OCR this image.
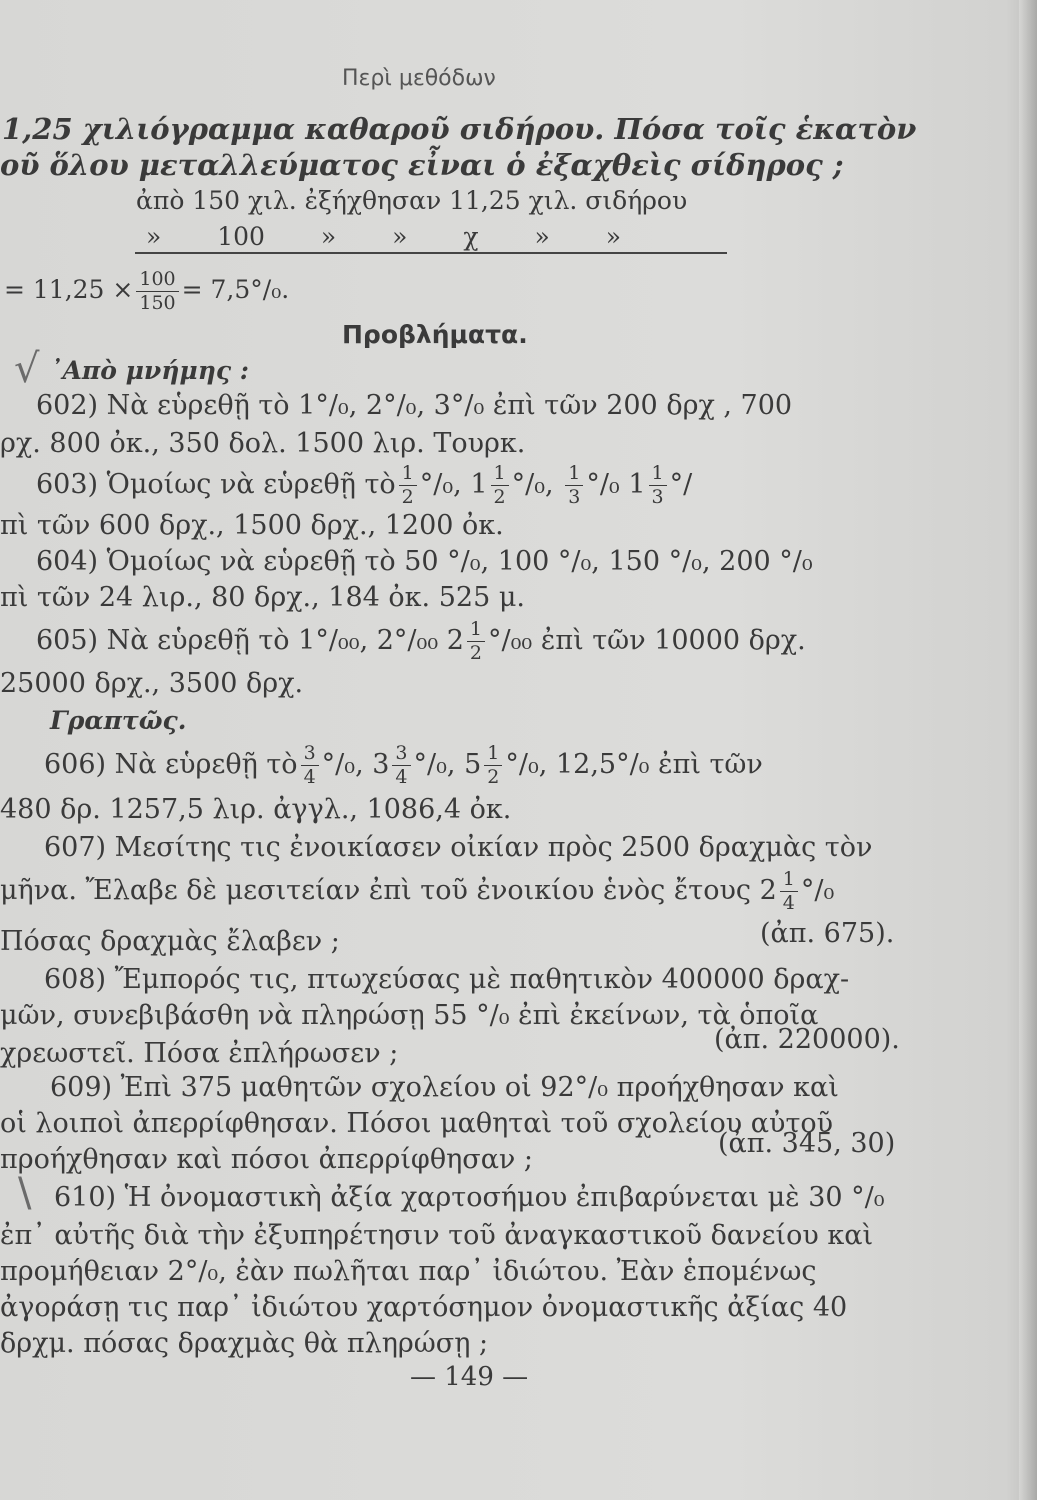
Περὶ μεθόδων
1,25 χιλιόγραμμα καθαροῦ σιδήρου. Πόσα τοῖς ἑκατὸν
οῦ ὅλου μεταλλεύματος εἶναι ὁ ἐξαχθεὶς σίδηρος ;
ἀπὸ 150 χιλ. ἐξήχθησαν 11,25 χιλ. σιδήρου
» 100 » » χ » »
= $11,25 \times \frac{100}{150} = 7,5^\circ/_0$.
Προβλήματα.
√ ᾿Απὸ μνήμης :
602) Νὰ εὑρεθῇ τὸ 1°/₀, 2°/₀, 3°/₀ ἐπὶ τῶν 200 δρχ , 700
ρχ. 800 ὀκ., 350 δολ. 1500 λιρ. Τουρκ.
603) Ὁμοίως νὰ εὑρεθῇ τὸ $\frac{1}{2} ^\circ/_0$, $1 \frac{1}{2} ^\circ/_0$, $\frac{1}{3} ^\circ/_0$ $1 \frac{1}{3}$ °/
πὶ τῶν 600 δρχ., 1500 δρχ., 1200 ὀκ.
604) Ὁμοίως νὰ εὑρεθῇ τὸ 50 °/₀, 100 °/₀, 150 °/₀, 200 °/₀
πὶ τῶν 24 λιρ., 80 δρχ., 184 ὀκ. 525 μ.
605) Νὰ εὑρεθῇ τὸ 1°/₀₀, 2°/₀₀ $2 \frac{1}{2} ^\circ/_{00}$ ἐπὶ τῶν 10000 δρχ.
25000 δρχ., 3500 δρχ.
Γραπτῶς.
606) Νὰ εὑρεθῇ τὸ $\frac{3}{4} ^\circ/_0$, $3 \frac{3}{4} ^\circ/_0$, $5 \frac{1}{2} ^\circ/_0$, 12,5°/₀ ἐπὶ τῶν
480 δρ. 1257,5 λιρ. ἀγγλ., 1086,4 ὀκ.
607) Μεσίτης τις ἐνοικίασεν οἰκίαν πρὸς 2500 δραχμὰς τὸν
μῆνα. Ἔλαβε δὲ μεσιτείαν ἐπὶ τοῦ ἐνοικίου ἑνὸς ἔτους $2 \frac{1}{4} ^\circ/_0$
Πόσας δραχμὰς ἔλαβεν ;	(ἀπ. 675).
608) Ἔμπορός τις, πτωχεύσας μὲ παθητικὸν 400000 δραχ-
μῶν, συνεβιβάσθη νὰ πληρώσῃ 55 °/₀ ἐπὶ ἐκείνων, τὰ ὁποῖα
χρεωστεῖ. Πόσα ἐπλήρωσεν ;	(ἀπ. 220000).
609) Ἐπὶ 375 μαθητῶν σχολείου οἱ 92°/₀ προήχθησαν καὶ
οἱ λοιποὶ ἀπερρίφθησαν. Πόσοι μαθηταὶ τοῦ σχολείου αὐτοῦ
προήχθησαν καὶ πόσοι ἀπερρίφθησαν ;
(ἀπ. 345, 30)
\ 610) Ἡ ὀνομαστικὴ ἀξία χαρτοσήμου ἐπιβαρύνεται μὲ 30 °/₀
ἐπ᾿ αὐτῆς διὰ τὴν ἐξυπηρέτησιν τοῦ ἀναγκαστικοῦ δανείου καὶ
προμήθειαν 2°/₀, ἐὰν πωλῆται παρ᾿ ἰδιώτου. Ἐὰν ἑπομένως
ἀγοράσῃ τις παρ᾿ ἰδιώτου χαρτόσημον ὀνομαστικῆς ἀξίας 40
δρχμ. πόσας δραχμὰς θὰ πληρώσῃ ;
— 149 —
